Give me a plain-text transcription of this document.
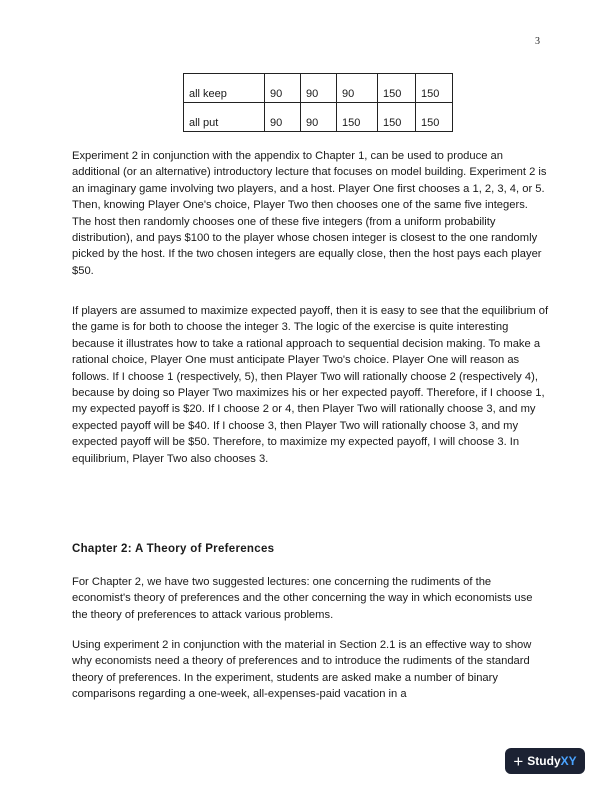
3
all keep	90	90	90	150	150
all put	90	90	150	150	150

Experiment 2 in conjunction with the appendix to Chapter 1, can be used to produce an additional (or an alternative) introductory lecture that focuses on model building. Experiment 2 is an imaginary game involving two players, and a host. Player One first chooses a 1, 2, 3, 4, or 5. Then, knowing Player One's choice, Player Two then chooses one of the same five integers. The host then randomly chooses one of these five integers (from a uniform probability distribution), and pays $100 to the player whose chosen integer is closest to the one randomly picked by the host. If the two chosen integers are equally close, then the host pays each player $50.

If players are assumed to maximize expected payoff, then it is easy to see that the equilibrium of the game is for both to choose the integer 3. The logic of the exercise is quite interesting because it illustrates how to take a rational approach to sequential decision making. To make a rational choice, Player One must anticipate Player Two's choice. Player One will reason as follows. If I choose 1 (respectively, 5), then Player Two will rationally choose 2 (respectively 4), because by doing so Player Two maximizes his or her expected payoff. Therefore, if I choose 1, my expected payoff is $20. If I choose 2 or 4, then Player Two will rationally choose 3, and my expected payoff will be $40. If I choose 3, then Player Two will rationally choose 3, and my expected payoff will be $50. Therefore, to maximize my expected payoff, I will choose 3. In equilibrium, Player Two also chooses 3.

Chapter 2: A Theory of Preferences

For Chapter 2, we have two suggested lectures: one concerning the rudiments of the economist's theory of preferences and the other concerning the way in which economists use the theory of preferences to attack various problems.

Using experiment 2 in conjunction with the material in Section 2.1 is an effective way to show why economists need a theory of preferences and to introduce the rudiments of the standard theory of preferences. In the experiment, students are asked make a number of binary comparisons regarding a one-week, all-expenses-paid vacation in a

+ StudyXY
